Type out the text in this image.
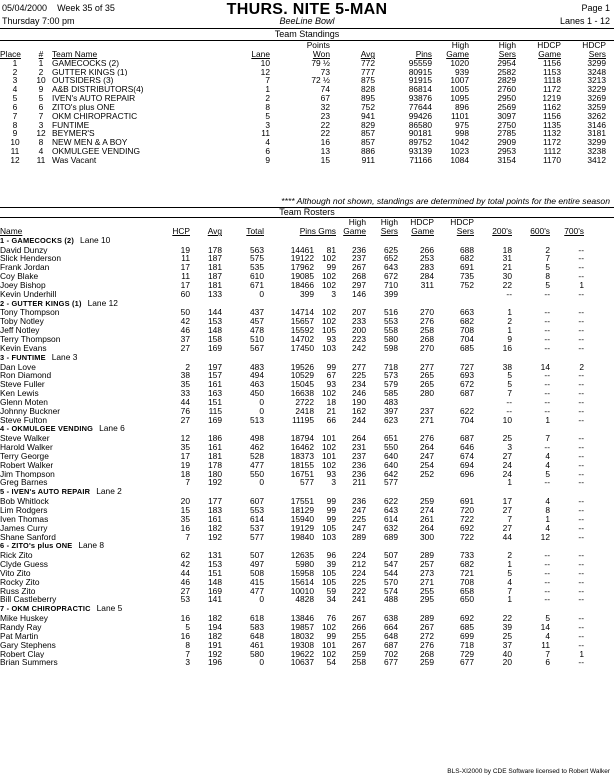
05/04/2000 Week 35 of 35	THURS. NITE 5-MAN	Page 1
Thursday 7:00 pm	BeeLine Bowl	Lanes 1 - 12
Team Standings
				Points			High	High	HDCP	HDCP	
Place	#	Team Name	Lane	Won	Avg	Pins	Game	Sers	Game	Sers	
1	1	GAMECOCKS (2)	10	79 ½	772	95559	1020	2954	1156	3299	
2	2	GUTTER KINGS (1)	12	73	777	80915	939	2582	1153	3248	
3	10	OUTSIDERS (3)	7	72 ½	875	91915	1007	2829	1118	3213	
4	9	A&B DISTRIBUTORS(4)	1	74	828	86814	1005	2760	1172	3229	
5	5	IVEN's AUTO REPAIR	2	67	895	93876	1095	2950	1219	3269	
6	6	ZITO's plus ONE	8	32	752	77644	896	2569	1162	3259	
7	7	OKM CHIROPRACTIC	5	23	941	99426	1101	3097	1156	3262	
8	3	FUNTIME	3	22	829	86580	975	2750	1135	3146	
9	12	BEYMER'S	11	22	857	90181	998	2785	1132	3181	
10	8	NEW MEN & A BOY	4	16	857	89752	1042	2909	1172	3299	
11	4	OKMULGEE VENDING	6	13	886	93139	1023	2953	1112	3238	
12	11	Was Vacant	9	15	911	71166	1084	3154	1170	3412	
**** Although not shown, standings are determined by total points for the entire season
Team Rosters
						High	High	HDCP	HDCP				
Name	HCP	Avg	Total	Pins Gms		Game	Sers	Game	Sers	200's	600's	700's	
1 - GAMECOCKS (2) Lane 10													
David Dunzy	19	178	563	14461	81	236	625	266	688	18	2	--	
Slick Henderson	11	187	575	19122	102	237	652	253	682	31	7	--	
Frank Jordan	17	181	535	17962	99	267	643	283	691	21	5	--	
Coy Blake	11	187	610	19085	102	268	672	284	735	30	8	--	
Joey Bishop	17	181	671	18466	102	297	710	311	752	22	5	1	
Kevin Underhill	60	133	0	399	3	146	399			--	--	--	
2 - GUTTER KINGS (1) Lane 12													
Tony Thompson	50	144	437	14714	102	207	516	270	663	1	--	--	
Toby Notley	42	153	457	15657	102	233	553	276	682	2	--	--	
Jeff Notley	46	148	478	15592	105	200	558	258	708	1	--	--	
Terry Thompson	37	158	510	14702	93	223	580	268	704	9	--	--	
Kevin Evans	27	169	567	17450	103	242	598	270	685	16	--	--	
3 - FUNTIME Lane 3													
Dan Love	2	197	483	19526	99	277	718	277	727	38	14	2	
Ron Diamond	38	157	494	10529	67	225	573	265	693	5	--	--	
Steve Fuller	35	161	463	15045	93	234	579	265	672	5	--	--	
Ken Lewis	33	163	450	16638	102	246	585	280	687	7	--	--	
Glenn Moten	44	151	0	2722	18	190	483			--	--	--	
Johnny Buckner	76	115	0	2418	21	162	397	237	622	--	--	--	
Steve Fulton	27	169	513	11195	66	244	623	271	704	10	1	--	
4 - OKMULGEE VENDING Lane 6													
Steve Walker	12	186	498	18794	101	264	651	276	687	25	7	--	
Harold Walker	35	161	462	16462	102	231	550	264	646	3	--	--	
Terry George	17	181	528	18373	101	237	640	247	674	27	4	--	
Robert Walker	19	178	477	18155	102	236	640	254	694	24	4	--	
Jim Thompson	18	180	550	16751	93	236	642	252	696	24	5	--	
Greg Barnes	7	192	0	577	3	211	577			1	--	--	
5 - IVEN's AUTO REPAIR Lane 2													
Bob Whitlock	20	177	607	17551	99	236	622	259	691	17	4	--	
Lim Rodgers	15	183	553	18129	99	247	643	274	720	27	8	--	
Iven Thomas	35	161	614	15940	99	225	614	261	722	7	1	--	
James Curry	16	182	537	19129	105	247	632	264	692	27	4	--	
Shane Sanford	7	192	577	19840	103	289	689	300	722	44	12	--	
6 - ZITO's plus ONE Lane 8													
Rick Zito	62	131	507	12635	96	224	507	289	733	2	--	--	
Clyde Guess	42	153	497	5980	39	212	547	257	682	1	--	--	
Vito Zito	44	151	508	15958	105	224	544	273	721	5	--	--	
Rocky Zito	46	148	415	15614	105	225	570	271	708	4	--	--	
Russ Zito	27	169	477	10010	59	222	574	255	658	7	--	--	
Bill Castleberry	53	141	0	4828	34	241	488	295	650	1	--	--	
7 - OKM CHIROPRACTIC Lane 5													
Mike Huskey	16	182	618	13846	76	267	638	289	692	22	5	--	
Randy Ray	5	194	583	19857	102	266	664	267	685	39	14	--	
Pat Martin	16	182	648	18032	99	255	648	272	699	25	4	--	
Gary Stephens	8	191	461	19308	101	267	687	276	718	37	11	--	
Robert Clay	7	192	580	19622	102	259	702	268	729	40	7	1	
Brian Summers	3	196	0	10637	54	258	677	259	677	20	6	--	
BLS-XI2000 by CDE Software licensed to Robert Walker
